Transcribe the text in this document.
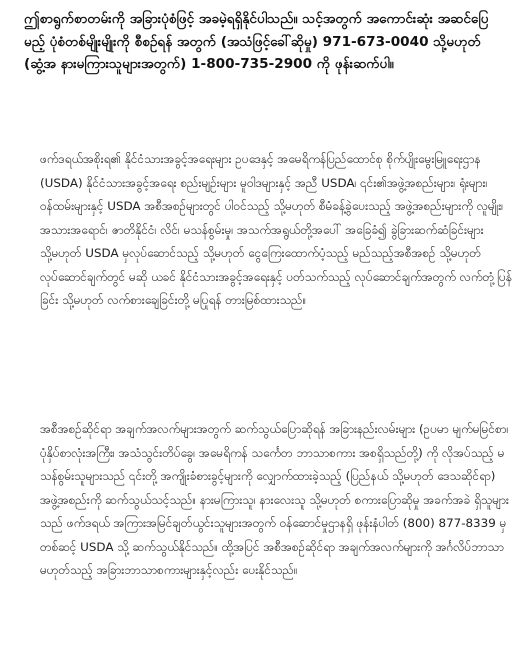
ဤစာရွက်စာတမ်းကို အခြားပုံစံဖြင့် အခမဲ့ရရှိနိုင်ပါသည်။ သင့်အတွက် အကောင်းဆုံး အဆင်ပြေမည့် ပုံစံတစ်မျိုးမျိုးကို စီစဉ်ရန် အတွက် (အသံဖြင့်ခေါ်ဆိုမှု) 971-673-0040 သို့မဟုတ် (ဆွံ့အ နားမကြားသူများအတွက်) 1-800-735-2900 ကို ဖုန်းဆက်ပါ။
ဖက်ဒရယ်အစိုးရ၏ နိုင်ငံသားအခွင့်အရေးများ ဥပဒေနှင့် အမေရိကန်ပြည်ထောင်စု စိုက်ပျိုးမွေးမြူရေးဌာန (USDA) နိုင်ငံသားအခွင့်အရေး စည်းမျဉ်းများ မူဝါဒများနှင့် အညီ USDA၊ ၎င်း၏အဖွဲ့အစည်းများ၊ ရုံးများ၊ ဝန်ထမ်းများနှင့် USDA အစီအစဉ်များတွင် ပါဝင်သည့် သို့မဟုတ် စီမံခန့်ခွဲပေးသည့် အဖွဲ့အစည်းများကို လူမျိုး၊ အသားအရောင်၊ ဇာတိနိုင်ငံ၊ လိင်၊ မသန်စွမ်းမှု၊ အသက်အရွယ်တို့အပေါ် အခြေခံ၍ ခွဲခြားဆက်ဆံခြင်းများ သို့မဟုတ် USDA မှလုပ်ဆောင်သည့် သို့မဟုတ် ငွေကြေးထောက်ပံ့သည့် မည်သည့်အစီအစဉ် သို့မဟုတ် လုပ်ဆောင်ချက်တွင် မဆို ယခင် နိုင်ငံသားအခွင့်အရေးနှင့် ပတ်သက်သည့် လုပ်ဆောင်ချက်အတွက် လက်တုံ့ပြန်ခြင်း သို့မဟုတ် လက်စားချေခြင်းတို့ မပြုရန် တားမြစ်ထားသည်။
အစီအစဉ်ဆိုင်ရာ အချက်အလက်များအတွက် ဆက်သွယ်ပြောဆိုရန် အခြားနည်းလမ်းများ (ဥပမာ မျက်မမြင်စာ၊ ပုံနှိပ်စာလုံးအကြီး၊ အသံသွင်းတိပ်ခွေ၊ အမေရိကန် သင်္ကေတ ဘာသာစကား အစရှိသည်တို့) ကို လိုအပ်သည့် မသန်စွမ်းသူများသည် ၎င်းတို့ အကျိုးခံစားခွင့်များကို လျှောက်ထားခဲ့သည့် (ပြည်နယ် သို့မဟုတ် ဒေသဆိုင်ရာ) အဖွဲ့အစည်းကို ဆက်သွယ်သင့်သည်။ နားမကြားသူ၊ နားလေးသူ သို့မဟုတ် စကားပြောဆိုမှု အခက်အခဲ ရှိသူများသည် ဖက်ဒရယ် အကြားအမြင်ချတ်ယွင်းသူများအတွက် ဝန်ဆောင်မှုဌာနရှိ ဖုန်းနံပါတ် (800) 877-8339 မှတစ်ဆင့် USDA သို့ ဆက်သွယ်နိုင်သည်။ ထို့အပြင် အစီအစဉ်ဆိုင်ရာ အချက်အလက်များကို အင်္ဂလိပ်ဘာသာ မဟုတ်သည့် အခြားဘာသာစကားများနှင့်လည်း ပေးနိုင်သည်။
